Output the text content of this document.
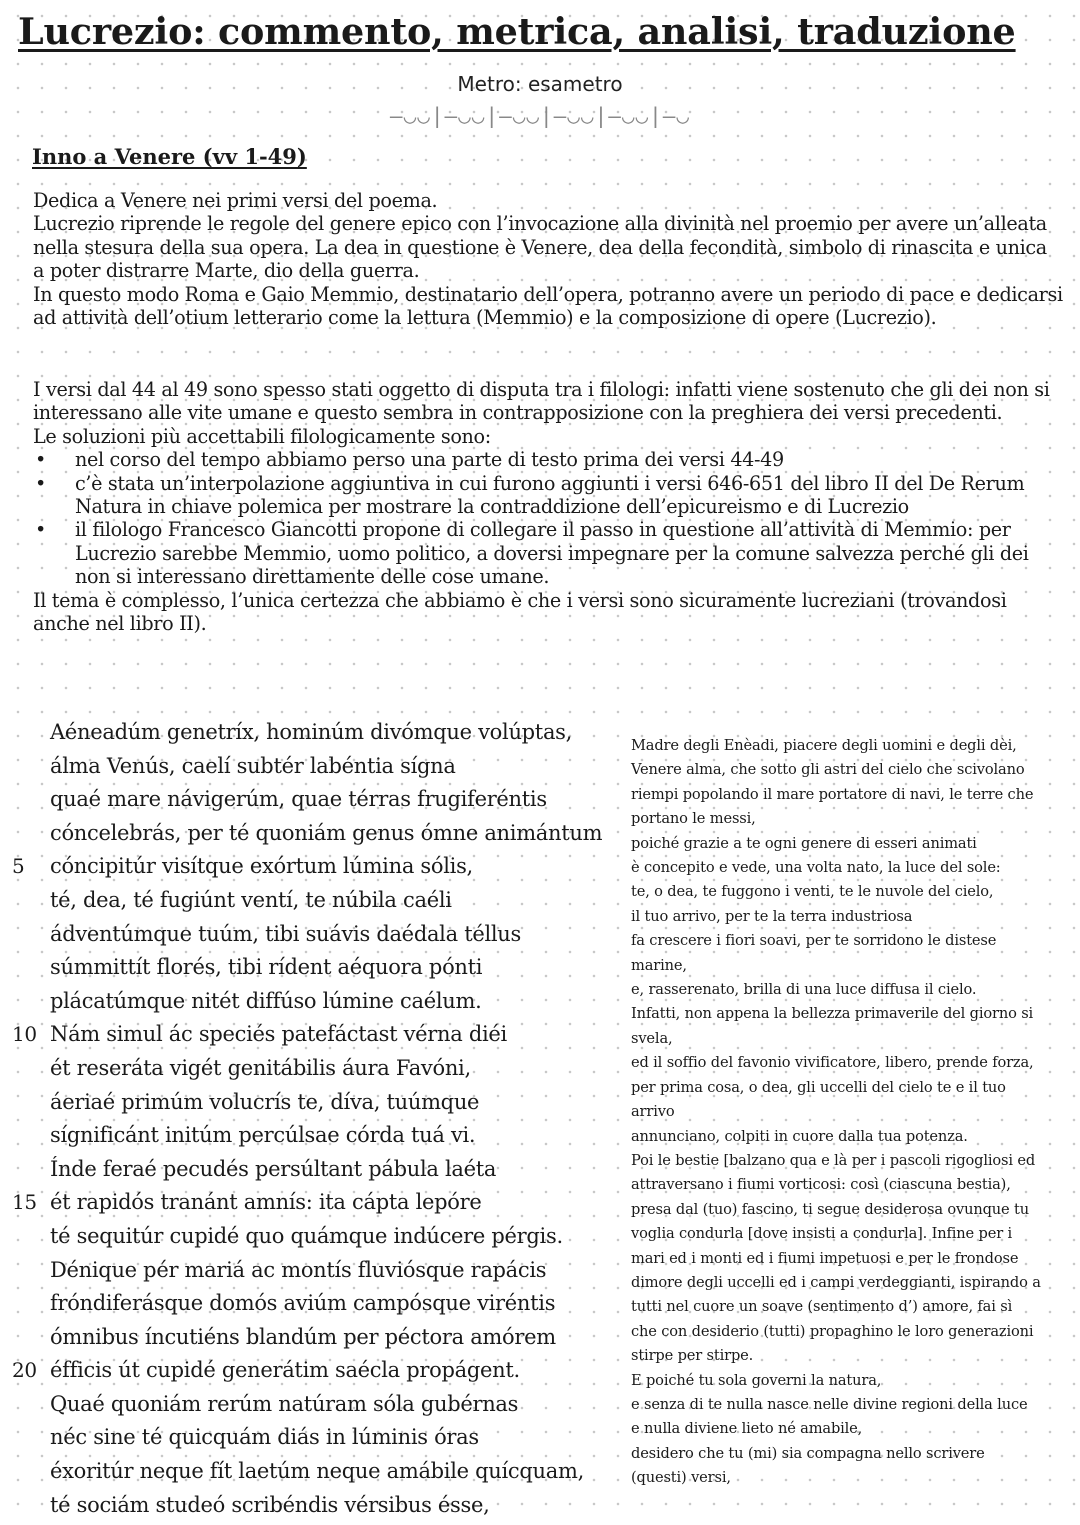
Lucrezio: commento, metrica, analisi, traduzione
Metro: esametro
—◡◡|—◡◡|—◡◡|—◡◡|—◡◡|—◡
Inno a Venere (vv 1-49)

Dedica a Venere nei primi versi del poema.

Lucrezio riprende le regole del genere epico con l’invocazione alla divinità nel proemio per avere un’alleata nella stesura della sua opera. La dea in questione è Venere, dea della fecondità, simbolo di rinascita e unica a poter distrarre Marte, dio della guerra.

In questo modo Roma e Gaio Memmio, destinatario dell’opera, potranno avere un periodo di pace e dedicarsi ad attività dell’otium letterario come la lettura (Memmio) e la composizione di opere (Lucrezio).

I versi dal 44 al 49 sono spesso stati oggetto di disputa tra i filologi: infatti viene sostenuto che gli dei non si interessano alle vite umane e questo sembra in contrapposizione con la preghiera dei versi precedenti.

Le soluzioni più accettabili filologicamente sono:

• nel corso del tempo abbiamo perso una parte di testo prima dei versi 44-49
• c’è stata un’interpolazione aggiuntiva in cui furono aggiunti i versi 646-651 del libro II del De Rerum Natura in chiave polemica per mostrare la contraddizione dell’epicureismo e di Lucrezio
• il filologo Francesco Giancotti propone di collegare il passo in questione all’attività di Memmio: per Lucrezio sarebbe Memmio, uomo politico, a doversi impegnare per la comune salvezza perché gli dei non si interessano direttamente delle cose umane.

Il tema è complesso, l’unica certezza che abbiamo è che i versi sono sicuramente lucreziani (trovandosi anche nel libro II).

Aéneadúm genetríx, hominúm divómque volúptas,
álma Venús, caelí subtér labéntia sígna
quaé mare návigerúm, quae térras frugiferéntis
cóncelebrás, per té quoniám genus ómne animántum
5	cóncipitúr visítque exórtum lúmina sólis,
té, dea, té fugiúnt ventí, te núbila caéli
ádventúmque tuúm, tibi suávis daédala téllus
súmmittít florés, tibi rídent aéquora pónti
plácatúmque nitét diffúso lúmine caélum.
10 Nám simul ác speciés patefáctast vérna diéi
ét reseráta vigét genitábilis áura Favóni,
áeriaé primúm volucrís te, díva, tuúmque
sígnificánt initúm percúlsae córda tuá vi.
Índe feraé pecudés persúltant pábula laéta
15 ét rapidós tranánt amnís: ita cápta lepóre
té sequitúr cupidé quo quámque indúcere pérgis.
Dénique pér mariá ac montís fluviósque rapácis
fróndiferásque domós aviúm campósque viréntis
ómnibus íncutiéns blandúm per péctora amórem
20 éfficis út cupidé generátim saécla propágent.
Quaé quoniám rerúm natúram sóla gubérnas
néc sine té quicquám diás in lúminis óras
éxoritúr neque fít laetúm neque amábile quícquam,
té sociám studeó scribéndis vérsibus ésse,
Madre degli Enèadi, piacere degli uomini e degli dèi,
Venere alma, che sotto gli astri del cielo che scivolano
riempi popolando il mare portatore di navi, le terre che
portano le messi,
poiché grazie a te ogni genere di esseri animati
è concepito e vede, una volta nato, la luce del sole:
te, o dea, te fuggono i venti, te le nuvole del cielo,
il tuo arrivo, per te la terra industriosa
fa crescere i fiori soavi, per te sorridono le distese
marine,
e, rasserenato, brilla di una luce diffusa il cielo.
Infatti, non appena la bellezza primaverile del giorno si
svela,
ed il soffio del favonio vivificatore, libero, prende forza,
per prima cosa, o dea, gli uccelli del cielo te e il tuo
arrivo
annunciano, colpiti in cuore dalla tua potenza.
Poi le bestie [balzano qua e là per i pascoli rigogliosi ed
attraversano i fiumi vorticosi: così (ciascuna bestia),
presa dal (tuo) fascino, ti segue desiderosa ovunque tu
voglia condurla [dove insisti a condurla]. Infine per i
mari ed i monti ed i fiumi impetuosi e per le frondose
dimore degli uccelli ed i campi verdeggianti, ispirando a
tutti nel cuore un soave (sentimento d’) amore, fai sì
che con desiderio (tutti) propaghino le loro generazioni
stirpe per stirpe.
E poiché tu sola governi la natura,
e senza di te nulla nasce nelle divine regioni della luce
e nulla diviene lieto né amabile,
desidero che tu (mi) sia compagna nello scrivere
(questi) versi,
